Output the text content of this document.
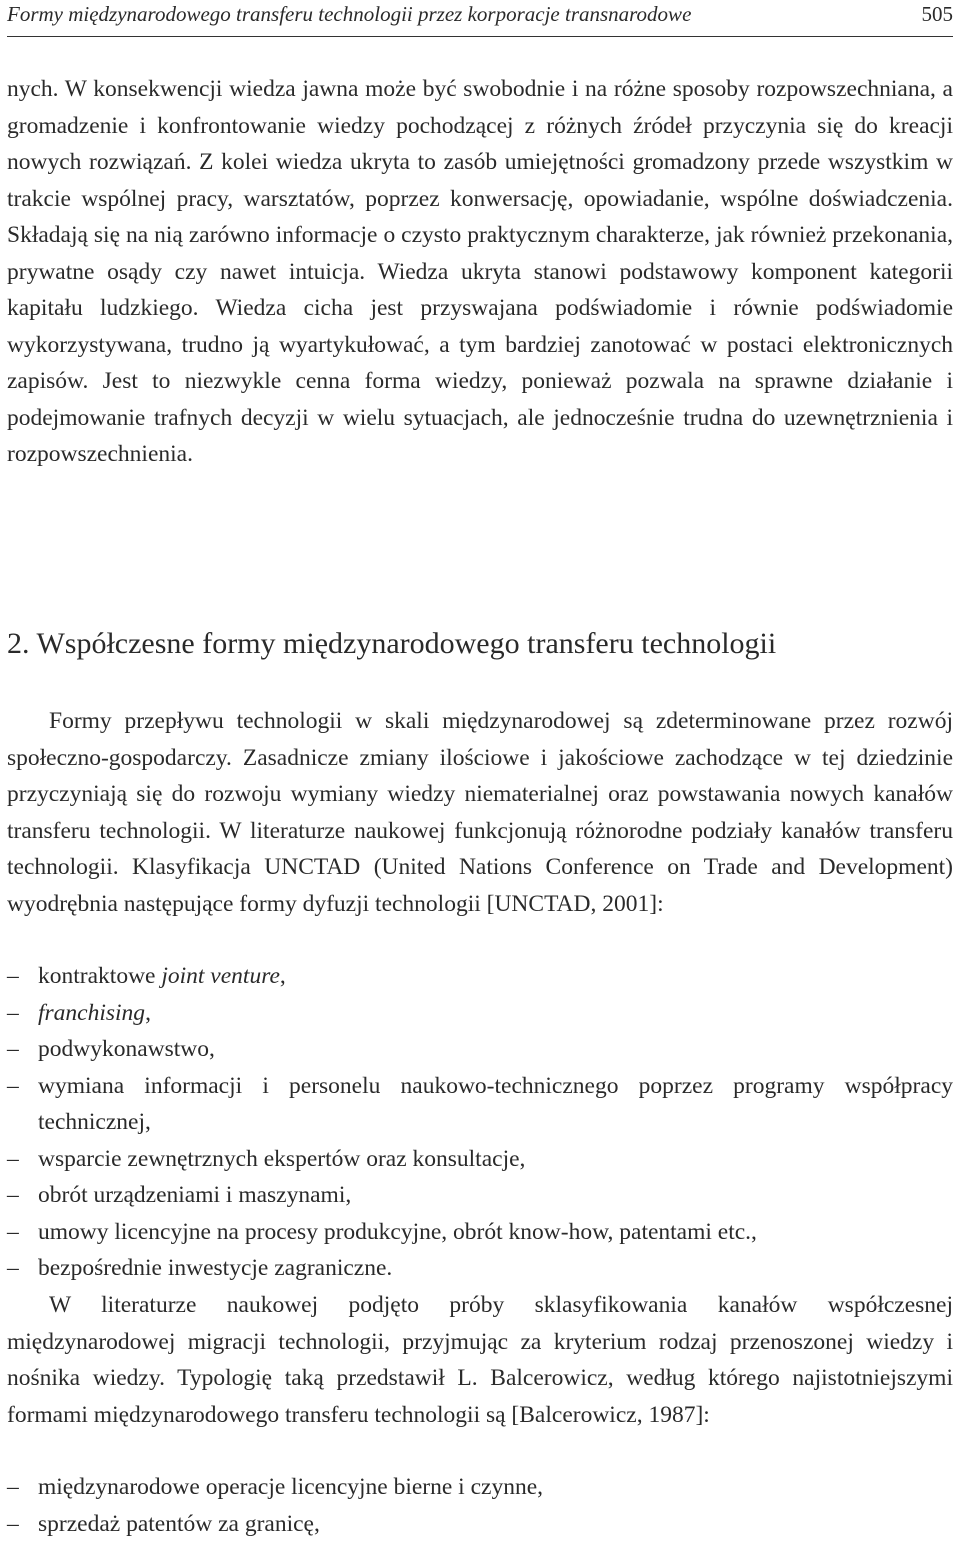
Formy międzynarodowego transferu technologii przez korporacje transnarodowe	505

nych. W konsekwencji wiedza jawna może być swobodnie i na różne sposoby rozpowszechniana, a gromadzenie i konfrontowanie wiedzy pochodzącej z różnych źródeł przyczynia się do kreacji nowych rozwiązań. Z kolei wiedza ukryta to zasób umiejętności gromadzony przede wszystkim w trakcie wspólnej pracy, warsztatów, poprzez konwersację, opowiadanie, wspólne doświadczenia. Składają się na nią zarówno informacje o czysto praktycznym charakterze, jak również przekonania, prywatne osądy czy nawet intuicja. Wiedza ukryta stanowi podstawowy komponent kategorii kapitału ludzkiego. Wiedza cicha jest przyswajana podświadomie i równie podświadomie wykorzystywana, trudno ją wyartykułować, a tym bardziej zanotować w postaci elektronicznych zapisów. Jest to niezwykle cenna forma wiedzy, ponieważ pozwala na sprawne działanie i podejmowanie trafnych decyzji w wielu sytuacjach, ale jednocześnie trudna do uzewnętrznienia i rozpowszechnienia.

2. Współczesne formy międzynarodowego transferu technologii

Formy przepływu technologii w skali międzynarodowej są zdeterminowane przez rozwój społeczno-gospodarczy. Zasadnicze zmiany ilościowe i jakościowe zachodzące w tej dziedzinie przyczyniają się do rozwoju wymiany wiedzy niematerialnej oraz powstawania nowych kanałów transferu technologii. W literaturze naukowej funkcjonują różnorodne podziały kanałów transferu technologii. Klasyfikacja UNCTAD (United Nations Conference on Trade and Development) wyodrębnia następujące formy dyfuzji technologii [UNCTAD, 2001]:

– kontraktowe joint venture,
– franchising,
– podwykonawstwo,
– wymiana informacji i personelu naukowo-technicznego poprzez programy współpracy technicznej,
– wsparcie zewnętrznych ekspertów oraz konsultacje,
– obrót urządzeniami i maszynami,
– umowy licencyjne na procesy produkcyjne, obrót know-how, patentami etc.,
– bezpośrednie inwestycje zagraniczne.

W literaturze naukowej podjęto próby sklasyfikowania kanałów współczesnej międzynarodowej migracji technologii, przyjmując za kryterium rodzaj przenoszonej wiedzy i nośnika wiedzy. Typologię taką przedstawił L. Balcerowicz, według którego najistotniejszymi formami międzynarodowego transferu technologii są [Balcerowicz, 1987]:

– międzynarodowe operacje licencyjne bierne i czynne,
– sprzedaż patentów za granicę,
